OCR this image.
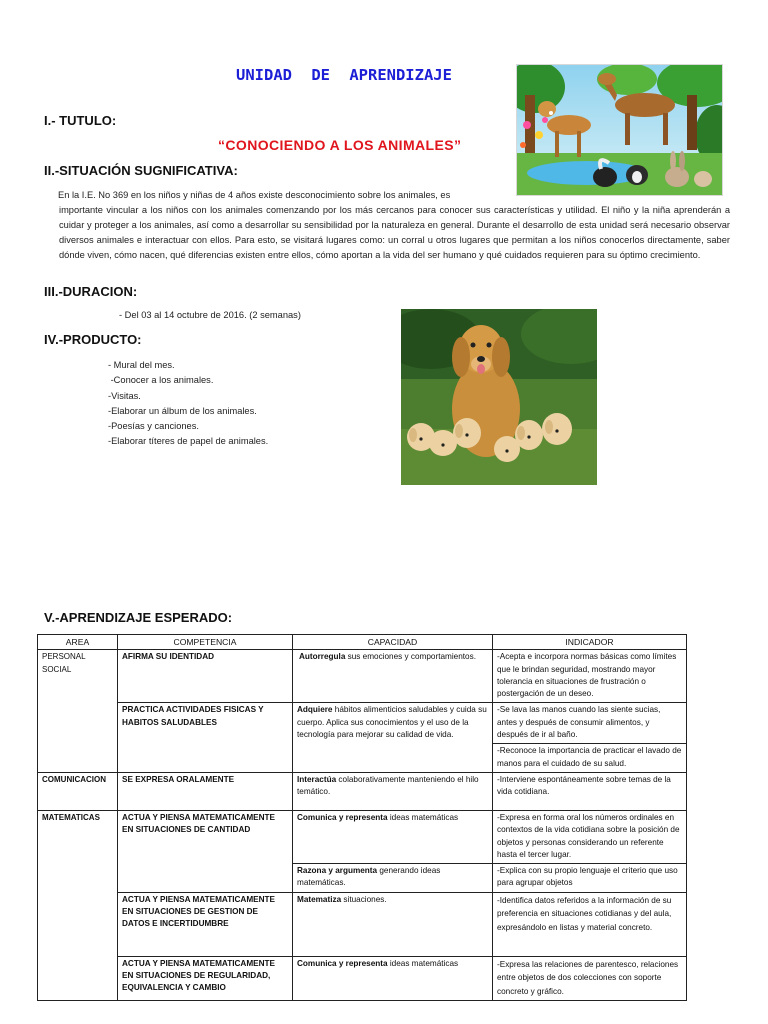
UNIDAD DE APRENDIZAJE
I.- TUTULO:
“CONOCIENDO A LOS ANIMALES”
II.-SITUACIÓN SUGNIFICATIVA:

En la I.E. No 369 en los niños y niñas de 4 años existe desconocimiento sobre los animales, es

importante vincular a los niños con los animales comenzando por los más cercanos para conocer sus características y utilidad. El niño y la niña aprenderán a cuidar y proteger a los animales, así como a desarrollar su sensibilidad por la naturaleza en general. Durante el desarrollo de esta unidad será necesario observar diversos animales e interactuar con ellos. Para esto, se visitará lugares como: un corral u otros lugares que permitan a los niños conocerlos directamente, saber dónde viven, cómo nacen, qué diferencias existen entre ellos, cómo aportan a la vida del ser humano y qué cuidados requieren para su óptimo crecimiento.

III.-DURACION:
- Del 03 al 14 octubre de 2016. (2 semanas)
IV.-PRODUCTO:
- Mural del mes.
-Conocer a los animales.
-Visitas.
-Elaborar un álbum de los animales.
-Poesías y canciones.
-Elaborar títeres de papel de animales.
V.-APRENDIZAJE ESPERADO:
AREA	COMPETENCIA	CAPACIDAD	INDICADOR
PERSONAL SOCIAL	AFIRMA SU IDENTIDAD	Autorregula sus emociones y comportamientos.	-Acepta e incorpora normas básicas como límites que le brindan seguridad, mostrando mayor tolerancia en situaciones de frustración o postergación de un deseo.
	PRACTICA ACTIVIDADES FISICAS Y HABITOS SALUDABLES	Adquiere hábitos alimenticios saludables y cuida su cuerpo. Aplica sus conocimientos y el uso de la tecnología para mejorar su calidad de vida.	-Se lava las manos cuando las siente sucias, antes y después de consumir alimentos, y después de ir al baño.
			-Reconoce la importancia de practicar el lavado de manos para el cuidado de su salud.
COMUNICACION	SE EXPRESA ORALAMENTE	Interactúa colaborativamente manteniendo el hilo temático.	-Interviene espontáneamente sobre temas de la vida cotidiana.
MATEMATICAS	ACTUA Y PIENSA MATEMATICAMENTE EN SITUACIONES DE CANTIDAD	Comunica y representa ideas matemáticas	-Expresa en forma oral los números ordinales en contextos de la vida cotidiana sobre la posición de objetos y personas considerando un referente hasta el tercer lugar.
		Razona y argumenta generando ideas matemáticas.	-Explica con su propio lenguaje el criterio que uso para agrupar objetos
	ACTUA Y PIENSA MATEMATICAMENTE EN SITUACIONES DE GESTION DE DATOS E INCERTIDUMBRE	Matematiza situaciones.	-Identifica datos referidos a la información de su preferencia en situaciones cotidianas y del aula, expresándolo en listas y material concreto.
	ACTUA Y PIENSA MATEMATICAMENTE EN SITUACIONES DE REGULARIDAD, EQUIVALENCIA Y CAMBIO	Comunica y representa ideas matemáticas	-Expresa las relaciones de parentesco, relaciones entre objetos de dos colecciones con soporte concreto y gráfico.
